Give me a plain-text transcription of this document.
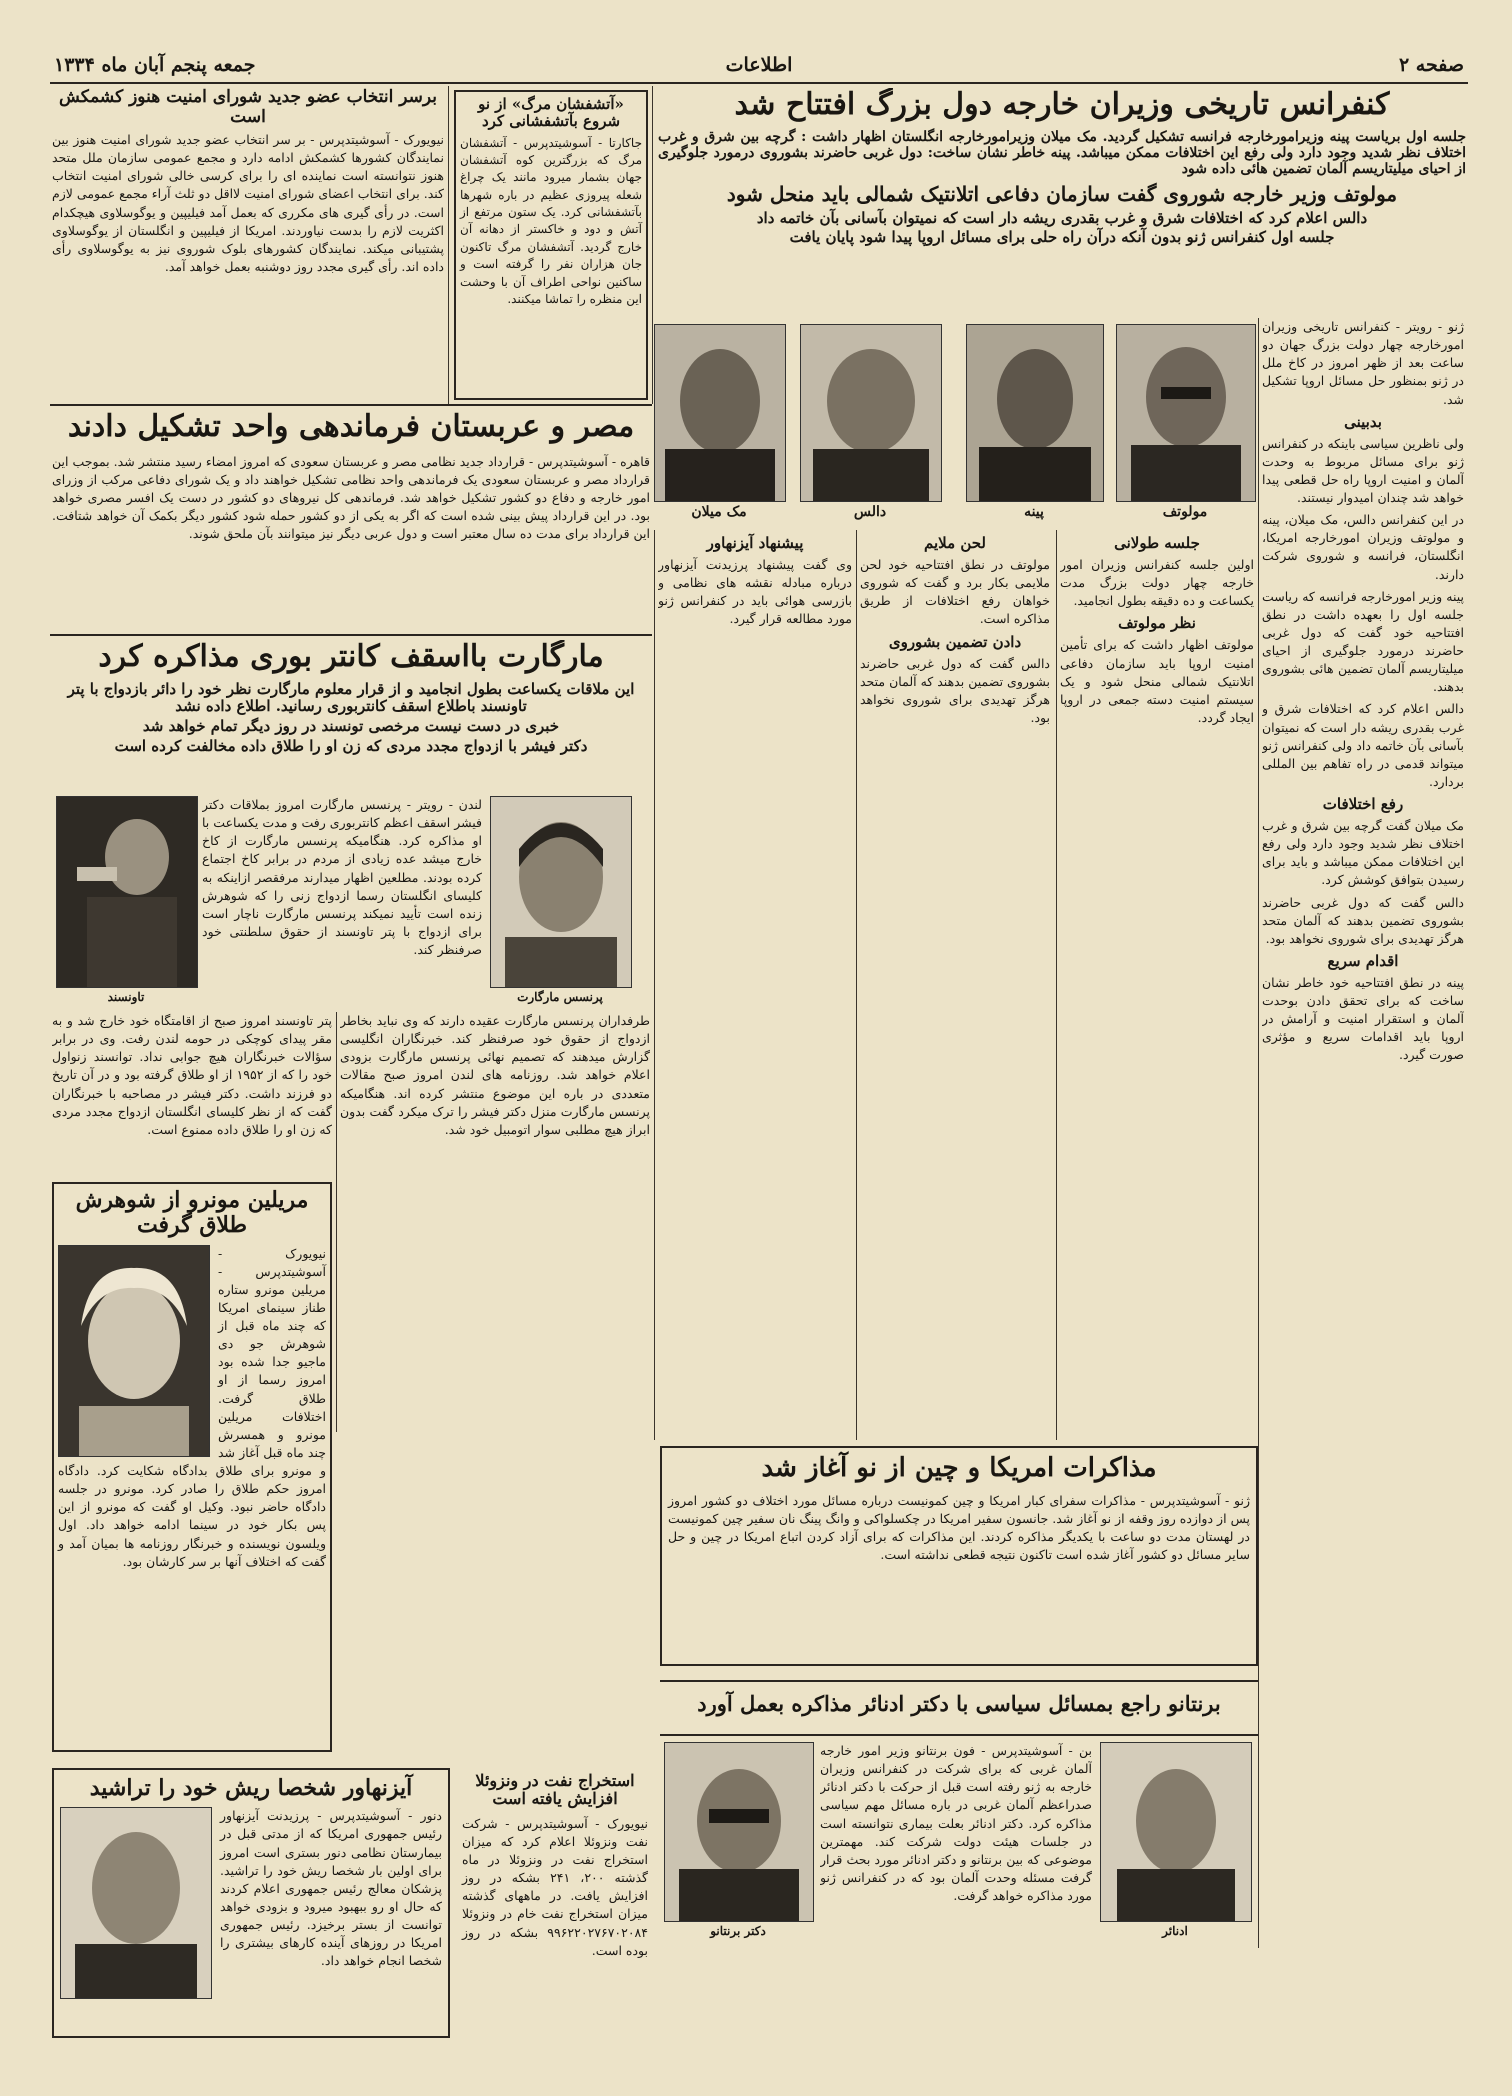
صفحه ۲
اطلاعات
جمعه پنجم آبان ماه ۱۳۳۴
برسر انتخاب عضو جدید شورای امنیت هنوز کشمکش است
نیویورک - آسوشیتدپرس - بر سر انتخاب عضو جدید شورای امنیت هنوز بین نمایندگان کشورها کشمکش ادامه دارد و مجمع عمومی سازمان ملل متحد هنوز نتوانسته است نماینده ای را برای کرسی خالی شورای امنیت انتخاب کند. برای انتخاب اعضای شورای امنیت لااقل دو ثلث آراء مجمع عمومی لازم است. در رأی گیری های مکرری که بعمل آمد فیلیپین و یوگوسلاوی هیچکدام اکثریت لازم را بدست نیاوردند. امریکا از فیلیپین و انگلستان از یوگوسلاوی پشتیبانی میکند. نمایندگان کشورهای بلوک شوروی نیز به یوگوسلاوی رأی داده اند. رأی گیری مجدد روز دوشنبه بعمل خواهد آمد.
«آتشفشان مرگ» از نو شروع بآتشفشانی کرد
جاکارتا - آسوشیتدپرس - آتشفشان مرگ که بزرگترین کوه آتشفشان جهان بشمار میرود مانند یک چراغ شعله پیروزی عظیم در باره شهرها بآتشفشانی کرد. یک ستون مرتفع از آتش و دود و خاکستر از دهانه آن خارج گردید. آتشفشان مرگ تاکنون جان هزاران نفر را گرفته است و ساکنین نواحی اطراف آن با وحشت این منظره را تماشا میکنند.
مصر و عربستان فرماندهی واحد تشکیل دادند
قاهره - آسوشیتدپرس - قرارداد جدید نظامی مصر و عربستان سعودی که امروز امضاء رسید منتشر شد. بموجب این قرارداد مصر و عربستان سعودی یک فرماندهی واحد نظامی تشکیل خواهند داد و یک شورای دفاعی مرکب از وزرای امور خارجه و دفاع دو کشور تشکیل خواهد شد. فرماندهی کل نیروهای دو کشور در دست یک افسر مصری خواهد بود. در این قرارداد پیش بینی شده است که اگر به یکی از دو کشور حمله شود کشور دیگر بکمک آن خواهد شتافت. این قرارداد برای مدت ده سال معتبر است و دول عربی دیگر نیز میتوانند بآن ملحق شوند.
کنفرانس تاریخی وزیران خارجه دول بزرگ افتتاح شد
جلسه اول بریاست پینه وزیرامورخارجه فرانسه تشکیل گردید. مک میلان وزیرامورخارجه انگلستان اظهار داشت : گرچه بین شرق و غرب اختلاف نظر شدید وجود دارد ولی رفع این اختلافات ممکن میباشد. پینه خاطر نشان ساخت: دول غربی حاضرند بشوروی درمورد جلوگیری از احیای میلیتاریسم آلمان تضمین هائی داده شود
مولوتف وزیر خارجه شوروی گفت سازمان دفاعی اتلانتیک شمالی باید منحل شود
دالس اعلام کرد که اختلافات شرق و غرب بقدری ریشه دار است که نمیتوان بآسانی بآن خاتمه داد
جلسه اول کنفرانس ژنو بدون آنکه درآن راه حلی برای مسائل اروپا پیدا شود پایان یافت
مولوتف
پینه
دالس
مک میلان

ژنو - رویتر - کنفرانس تاریخی وزیران امورخارجه چهار دولت بزرگ جهان دو ساعت بعد از ظهر امروز در کاخ ملل در ژنو بمنظور حل مسائل اروپا تشکیل شد.

بدبینی

ولی ناظرین سیاسی باینکه در کنفرانس ژنو برای مسائل مربوط به وحدت آلمان و امنیت اروپا راه حل قطعی پیدا خواهد شد چندان امیدوار نیستند.

در این کنفرانس دالس، مک میلان، پینه و مولوتف وزیران امورخارجه امریکا، انگلستان، فرانسه و شوروی شرکت دارند.

پینه وزیر امورخارجه فرانسه که ریاست جلسه اول را بعهده داشت در نطق افتتاحیه خود گفت که دول غربی حاضرند درمورد جلوگیری از احیای میلیتاریسم آلمان تضمین هائی بشوروی بدهند.

دالس اعلام کرد که اختلافات شرق و غرب بقدری ریشه دار است که نمیتوان بآسانی بآن خاتمه داد ولی کنفرانس ژنو میتواند قدمی در راه تفاهم بین المللی بردارد.

رفع اختلافات

مک میلان گفت گرچه بین شرق و غرب اختلاف نظر شدید وجود دارد ولی رفع این اختلافات ممکن میباشد و باید برای رسیدن بتوافق کوشش کرد.

دالس گفت که دول غربی حاضرند بشوروی تضمین بدهند که آلمان متحد هرگز تهدیدی برای شوروی نخواهد بود.

اقدام سریع

پینه در نطق افتتاحیه خود خاطر نشان ساخت که برای تحقق دادن بوحدت آلمان و استقرار امنیت و آرامش در اروپا باید اقدامات سریع و مؤثری صورت گیرد.

جلسه طولانی

اولین جلسه کنفرانس وزیران امور خارجه چهار دولت بزرگ مدت یکساعت و ده دقیقه بطول انجامید.

نظر مولوتف

مولوتف اظهار داشت که برای تأمین امنیت اروپا باید سازمان دفاعی اتلانتیک شمالی منحل شود و یک سیستم امنیت دسته جمعی در اروپا ایجاد گردد.

لحن ملایم

مولوتف در نطق افتتاحیه خود لحن ملایمی بکار برد و گفت که شوروی خواهان رفع اختلافات از طریق مذاکره است.

دادن تضمین بشوروی

دالس گفت که دول غربی حاضرند بشوروی تضمین بدهند که آلمان متحد هرگز تهدیدی برای شوروی نخواهد بود.

پیشنهاد آیزنهاور

وی گفت پیشنهاد پرزیدنت آیزنهاور درباره مبادله نقشه های نظامی و بازرسی هوائی باید در کنفرانس ژنو مورد مطالعه قرار گیرد.

مارگارت بااسقف کانتر بوری مذاکره کرد
این ملاقات یکساعت بطول انجامید و از قرار معلوم مارگارت نظر خود را دائر بازدواج با پتر تاونسند باطلاع اسقف کانتربوری رسانید. اطلاع داده نشد
خبری در دست نیست مرخصی تونسند در روز دیگر تمام خواهد شد
دکتر فیشر با ازدواج مجدد مردی که زن او را طلاق داده مخالفت کرده است
پرنسس مارگارت
تاونسند

لندن - رویتر - پرنسس مارگارت امروز بملاقات دکتر فیشر اسقف اعظم کانتربوری رفت و مدت یکساعت با او مذاکره کرد. هنگامیکه پرنسس مارگارت از کاخ خارج میشد عده زیادی از مردم در برابر کاخ اجتماع کرده بودند. مطلعین اظهار میدارند مرفقصر ازاینکه به کلیسای انگلستان رسما ازدواج زنی را که شوهرش زنده است تأیید نمیکند پرنسس مارگارت ناچار است برای ازدواج با پتر تاونسند از حقوق سلطنتی خود صرفنظر کند.

پتر تاونسند امروز صبح از اقامتگاه خود خارج شد و به مقر پیدای کوچکی در حومه لندن رفت. وی در برابر سؤالات خبرنگاران هیچ جوابی نداد. توانسند زنواول خود را که از ۱۹۵۲ از او طلاق گرفته بود و در آن تاریخ دو فرزند داشت. دکتر فیشر در مصاحبه با خبرنگاران گفت که از نظر کلیسای انگلستان ازدواج مجدد مردی که زن او را طلاق داده ممنوع است.

طرفداران پرنسس مارگارت عقیده دارند که وی نباید بخاطر ازدواج از حقوق خود صرفنظر کند. خبرنگاران انگلیسی گزارش میدهند که تصمیم نهائی پرنسس مارگارت بزودی اعلام خواهد شد. روزنامه های لندن امروز صبح مقالات متعددی در باره این موضوع منتشر کرده اند. هنگامیکه پرنسس مارگارت منزل دکتر فیشر را ترک میکرد گفت بدون ابراز هیچ مطلبی سوار اتومبیل خود شد.

مریلین مونرو از شوهرش طلاق گرفت
نیویورک - آسوشیتدپرس - مریلین مونرو ستاره طناز سینمای امریکا که چند ماه قبل از شوهرش جو دی ماجیو جدا شده بود امروز رسما از او طلاق گرفت. اختلافات مریلین مونرو و همسرش چند ماه قبل آغاز شد و مونرو برای طلاق بدادگاه شکایت کرد. دادگاه امروز حکم طلاق را صادر کرد. مونرو در جلسه دادگاه حاضر نبود. وکیل او گفت که مونرو از این پس بکار خود در سینما ادامه خواهد داد. اول ویلسون نویسنده و خبرنگار روزنامه ها بمیان آمد و گفت که اختلاف آنها بر سر کارشان بود.
مذاکرات امریکا و چین از نو آغاز شد
ژنو - آسوشیتدپرس - مذاکرات سفرای کبار امریکا و چین کمونیست درباره مسائل مورد اختلاف دو کشور امروز پس از دوازده روز وقفه از نو آغاز شد. جانسون سفیر امریکا در چکسلواکی و وانگ پینگ نان سفیر چین کمونیست در لهستان مدت دو ساعت با یکدیگر مذاکره کردند. این مذاکرات که برای آزاد کردن اتباع امریکا در چین و حل سایر مسائل دو کشور آغاز شده است تاکنون نتیجه قطعی نداشته است.
برنتانو راجع بمسائل سیاسی با دکتر ادنائر مذاکره بعمل آورد
ادنائر
دکتر برنتانو
بن - آسوشیتدپرس - فون برنتانو وزیر امور خارجه آلمان غربی که برای شرکت در کنفرانس وزیران خارجه به ژنو رفته است قبل از حرکت با دکتر ادنائر صدراعظم آلمان غربی در باره مسائل مهم سیاسی مذاکره کرد. دکتر ادنائر بعلت بیماری نتوانسته است در جلسات هیئت دولت شرکت کند. مهمترین موضوعی که بین برنتانو و دکتر ادنائر مورد بحث قرار گرفت مسئله وحدت آلمان بود که در کنفرانس ژنو مورد مذاکره خواهد گرفت.
آیزنهاور شخصا ریش خود را تراشید
دنور - آسوشیتدپرس - پرزیدنت آیزنهاور رئیس جمهوری امریکا که از مدتی قبل در بیمارستان نظامی دنور بستری است امروز برای اولین بار شخصا ریش خود را تراشید. پزشکان معالج رئیس جمهوری اعلام کردند که حال او رو ببهبود میرود و بزودی خواهد توانست از بستر برخیزد. رئیس جمهوری امریکا در روزهای آینده کارهای بیشتری را شخصا انجام خواهد داد.
استخراج نفت در ونزوئلا افزایش یافته است
نیویورک - آسوشیتدپرس - شرکت نفت ونزوئلا اعلام کرد که میزان استخراج نفت در ونزوئلا در ماه گذشته ۲۰۰، ۲۴۱ بشکه در روز افزایش یافت. در ماههای گذشته میزان استخراج نفت خام در ونزوئلا ۹۹۶۲۲۰۲۷۶۷۰۲۰۸۴ بشکه در روز بوده است.
